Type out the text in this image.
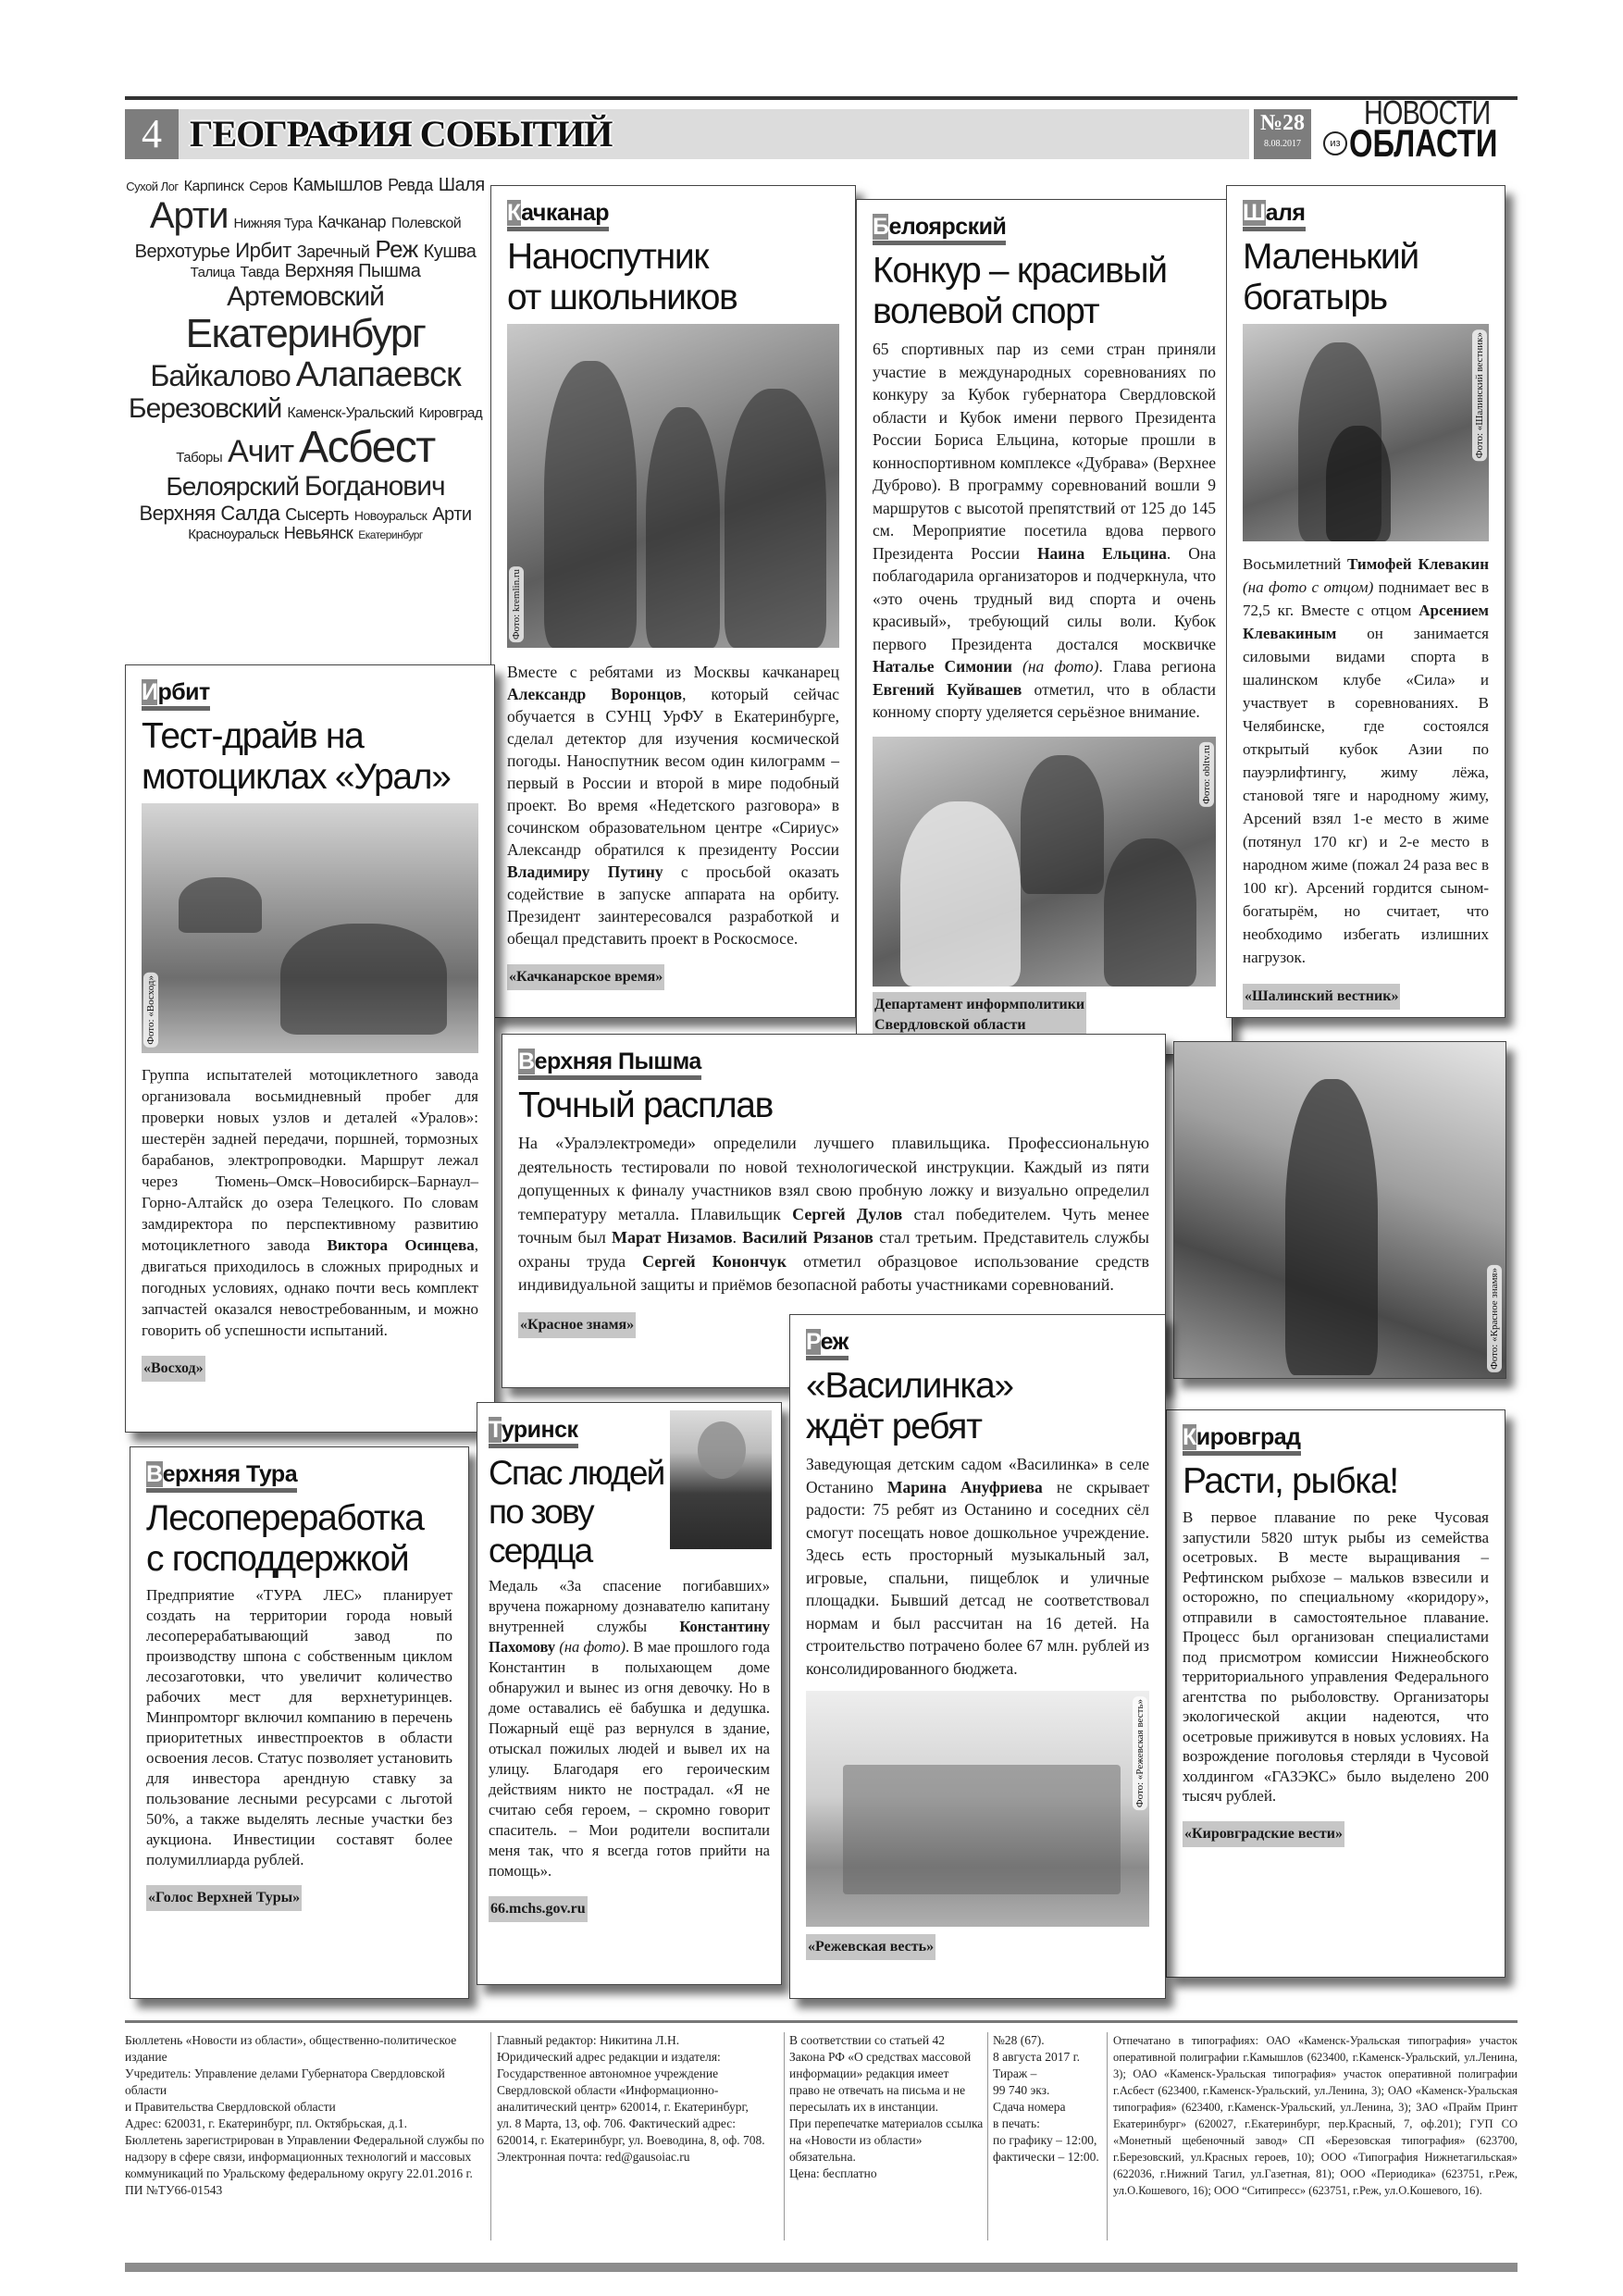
4 ГЕОГРАФИЯ СОБЫТИЙ	№28
8.08.2017
НОВОСТИ
из ОБЛАСТИ
Сухой Лог Карпинск Серов Камышлов Ревда Шаля
Арти Нижняя Тура Качканар Полевской
Верхотурье Ирбит Заречный Реж Кушва
Талица Тавда Верхняя Пышма
Артемовский
Екатеринбург
Байкалово Алапаевск
Березовский Каменск-Уральский Кировград
Таборы Ачит Асбест
Белоярский Богданович
Верхняя Салда Сысерть Новоуральск Арти
Красноуральск Невьянск Екатеринбург
Качканар
Наноспутник
от школьников
Фото: kremlin.ru
Вместе с ребятами из Москвы качканарец Александр Воронцов, который сейчас обучается в СУНЦ УрФУ в Екатеринбурге, сделал детектор для изучения космической погоды. Наноспутник весом один килограмм – первый в России и второй в мире подобный проект. Во время «Недетского разговора» в сочинском образовательном центре «Сириус» Александр обратился к президенту России Владимиру Путину с просьбой оказать содействие в запуске аппарата на орбиту. Президент заинтересовался разработкой и обещал представить проект в Роскосмосе.
«Качканарское время»
Белоярский
Конкур – красивый
волевой спорт
65 спортивных пар из семи стран приняли участие в международных соревнованиях по конкуру за Кубок губернатора Свердловской области и Кубок имени первого Президента России Бориса Ельцина, которые прошли в конноспортивном комплексе «Дубрава» (Верхнее Дуброво). В программу соревнований вошли 9 маршрутов с высотой препятствий от 125 до 145 см. Мероприятие посетила вдова первого Президента России Наина Ельцина. Она поблагодарила организаторов и подчеркнула, что «это очень трудный вид спорта и очень красивый», требующий силы воли. Кубок первого Президента достался москвичке Наталье Симонии (на фото). Глава региона Евгений Куйвашев отметил, что в области конному спорту уделяется серьёзное внимание.
Фото: obltv.ru
Департамент информполитики
Свердловской области
Шаля
Маленький
богатырь
Фото: «Шалинский вестник»
Восьмилетний Тимофей Клевакин (на фото с отцом) поднимает вес в 72,5 кг. Вместе с отцом Арсением Клевакиным он занимается силовыми видами спорта в шалинском клубе «Сила» и участвует в соревнованиях. В Челябинске, где состоялся открытый кубок Азии по пауэрлифтингу, жиму лёжа, становой тяге и народному жиму, Арсений взял 1-е место в жиме (потянул 170 кг) и 2-е место в народном жиме (пожал 24 раза вес в 100 кг). Арсений гордится сыном-богатырём, но считает, что необходимо избегать излишних нагрузок.
«Шалинский вестник»
Ирбит
Тест-драйв на
мотоциклах «Урал»
Фото: «Восход»
Группа испытателей мотоциклетного завода организовала восьмидневный пробег для проверки новых узлов и деталей «Уралов»: шестерён задней передачи, поршней, тормозных барабанов, электропроводки. Маршрут лежал через Тюмень–Омск–Новосибирск–Барнаул–Горно-Алтайск до озера Телецкого. По словам замдиректора по перспективному развитию мотоциклетного завода Виктора Осинцева, двигаться приходилось в сложных природных и погодных условиях, однако почти весь комплект запчастей оказался невостребованным, и можно говорить об успешности испытаний.
«Восход»
Верхняя Пышма
Точный расплав
На «Уралэлектромеди» определили лучшего плавильщика. Профессиональную деятельность тестировали по новой технологической инструкции. Каждый из пяти допущенных к финалу участников взял свою пробную ложку и визуально определил температуру металла. Плавильщик Сергей Дулов стал победителем. Чуть менее точным был Марат Низамов. Василий Рязанов стал третьим. Представитель службы охраны труда Сергей Конончук отметил образцовое использование средств индивидуальной защиты и приёмов безопасной работы участниками соревнований.
«Красное знамя»	Фото: «Красное знамя»
Реж
«Василинка»
ждёт ребят
Заведующая детским садом «Василинка» в селе Останино Марина Ануфриева не скрывает радости: 75 ребят из Останино и соседних сёл смогут посещать новое дошкольное учреждение. Здесь есть просторный музыкальный зал, игровые, спальни, пищеблок и уличные площадки. Бывший детсад не соответствовал нормам и был рассчитан на 16 детей. На строительство потрачено более 67 млн. рублей из консолидированного бюджета.
Фото: «Режевская весть»
«Режевская весть»
Верхняя Тура
Лесопереработка
с господдержкой
Предприятие «ТУРА ЛЕС» планирует создать на территории города новый лесоперерабатывающий завод по производству шпона с собственным циклом лесозаготовки, что увеличит количество рабочих мест для верхнетуринцев. Минпромторг включил компанию в перечень приоритетных инвестпроектов в области освоения лесов. Статус позволяет установить для инвестора арендную ставку за пользование лесными ресурсами с льготой 50%, а также выделять лесные участки без аукциона. Инвестиции составят более полумиллиарда рублей.
«Голос Верхней Туры»
Туринск
Спас людей
по зову
сердца
Медаль «За спасение погибавших» вручена пожарному дознавателю капитану внутренней службы Константину Пахомову (на фото). В мае прошлого года Константин в полыхающем доме обнаружил и вынес из огня девочку. Но в доме оставались её бабушка и дедушка. Пожарный ещё раз вернулся в здание, отыскал пожилых людей и вывел их на улицу. Благодаря его героическим действиям никто не пострадал. «Я не считаю себя героем, – скромно говорит спаситель. – Мои родители воспитали меня так, что я всегда готов прийти на помощь».
66.mchs.gov.ru
Кировград
Расти, рыбка!
В первое плавание по реке Чусовая запустили 5820 штук рыбы из семейства осетровых. В месте выращивания – Рефтинском рыбхозе – мальков взвесили и осторожно, по специальному «коридору», отправили в самостоятельное плавание. Процесс был организован специалистами под присмотром комиссии Нижнеобского территориального управления Федерального агентства по рыболовству. Организаторы экологической акции надеются, что осетровые приживутся в новых условиях. На возрождение поголовья стерляди в Чусовой холдингом «ГАЗЭКС» было выделено 200 тысяч рублей.
«Кировградские вести»
Бюллетень «Новости из области», общественно-политическое издание
Учредитель: Управление делами Губернатора Свердловской области
и Правительства Свердловской области
Адрес: 620031, г. Екатеринбург, пл. Октябрьская, д.1.
Бюллетень зарегистрирован в Управлении Федеральной службы по
надзору в сфере связи, информационных технологий и массовых
коммуникаций по Уральскому федеральному округу 22.01.2016 г.
ПИ №ТУ66-01543
Главный редактор: Никитина Л.Н.
Юридический адрес редакции и издателя:
Государственное автономное учреждение
Свердловской области «Информационно-
аналитический центр» 620014, г. Екатеринбург,
ул. 8 Марта, 13, оф. 706. Фактический адрес:
620014, г. Екатеринбург, ул. Воеводина, 8, оф. 708.
Электронная почта: red@gausoiac.ru
В соответствии со статьей 42
Закона РФ «О средствах массовой
информации» редакция имеет
право не отвечать на письма и не
пересылать их в инстанции.
При перепечатке материалов ссылка
на «Новости из области» обязательна.
Цена: бесплатно
№28 (67).
8 августа 2017 г.
Тираж –
99 740 экз.
Сдача номера
в печать:
по графику – 12:00,
фактически – 12:00.
Отпечатано в типографиях: ОАО «Каменск-Уральская типография» участок оперативной полиграфии г.Камышлов (623400, г.Каменск-Уральский, ул.Ленина, 3); ОАО «Каменск-Уральская типография» участок оперативной полиграфии г.Асбест (623400, г.Каменск-Уральский, ул.Ленина, 3); ОАО «Каменск-Уральская типография» (623400, г.Каменск-Уральский, ул.Ленина, 3); ЗАО «Прайм Принт Екатеринбург» (620027, г.Екатеринбург, пер.Красный, 7, оф.201); ГУП СО «Монетный щебеночный завод» СП «Березовская типография» (623700, г.Березовский, ул.Красных героев, 10); ООО «Типография Нижнетагильская» (622036, г.Нижний Тагил, ул.Газетная, 81); ООО «Периодика» (623751, г.Реж, ул.О.Кошевого, 16); ООО “Ситипресс» (623751, г.Реж, ул.О.Кошевого, 16).
